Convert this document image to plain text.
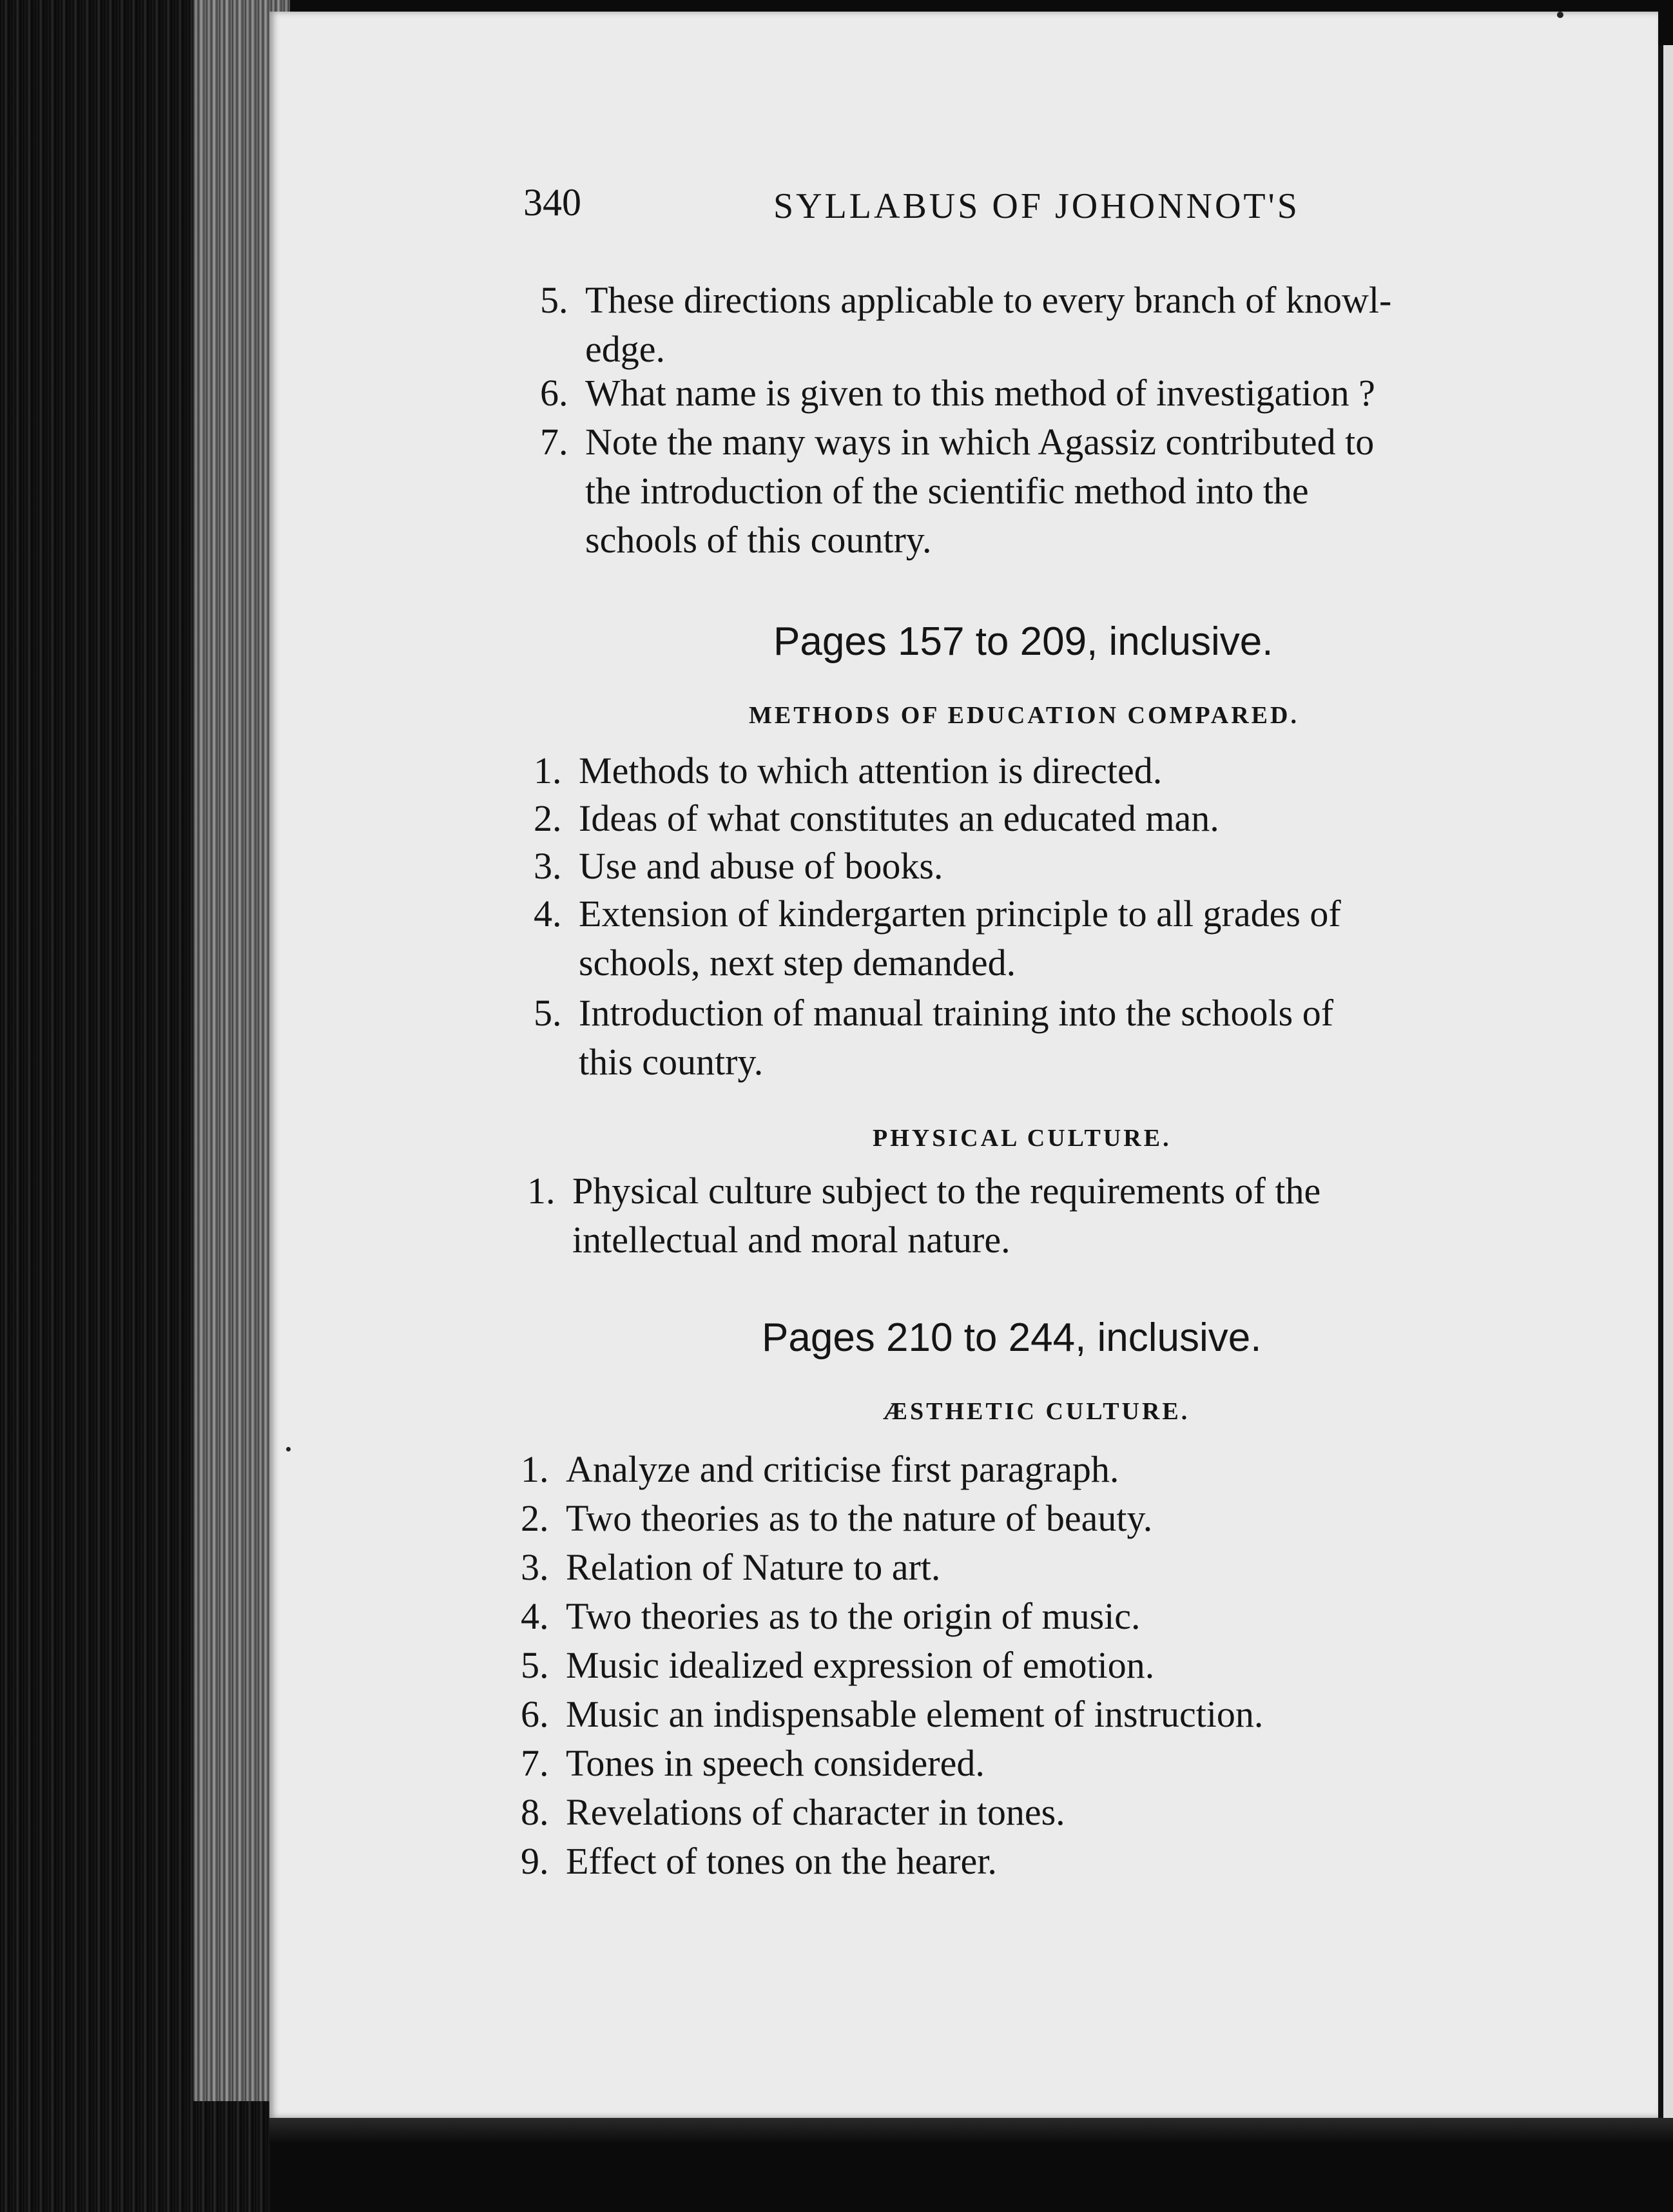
340	SYLLABUS OF JOHONNOT'S
5. These directions applicable to every branch of knowl-
edge.
6. What name is given to this method of investigation ?
7. Note the many ways in which Agassiz contributed to
the introduction of the scientific method into the
schools of this country.
Pages 157 to 209, inclusive.
METHODS OF EDUCATION COMPARED.
1. Methods to which attention is directed.
2. Ideas of what constitutes an educated man.
3. Use and abuse of books.
4. Extension of kindergarten principle to all grades of
schools, next step demanded.
5. Introduction of manual training into the schools of
this country.
PHYSICAL CULTURE.
1. Physical culture subject to the requirements of the
intellectual and moral nature.
Pages 210 to 244, inclusive.
ÆSTHETIC CULTURE.
1. Analyze and criticise first paragraph.
2. Two theories as to the nature of beauty.
3. Relation of Nature to art.
4. Two theories as to the origin of music.
5. Music idealized expression of emotion.
6. Music an indispensable element of instruction.
7. Tones in speech considered.
8. Revelations of character in tones.
9. Effect of tones on the hearer.
